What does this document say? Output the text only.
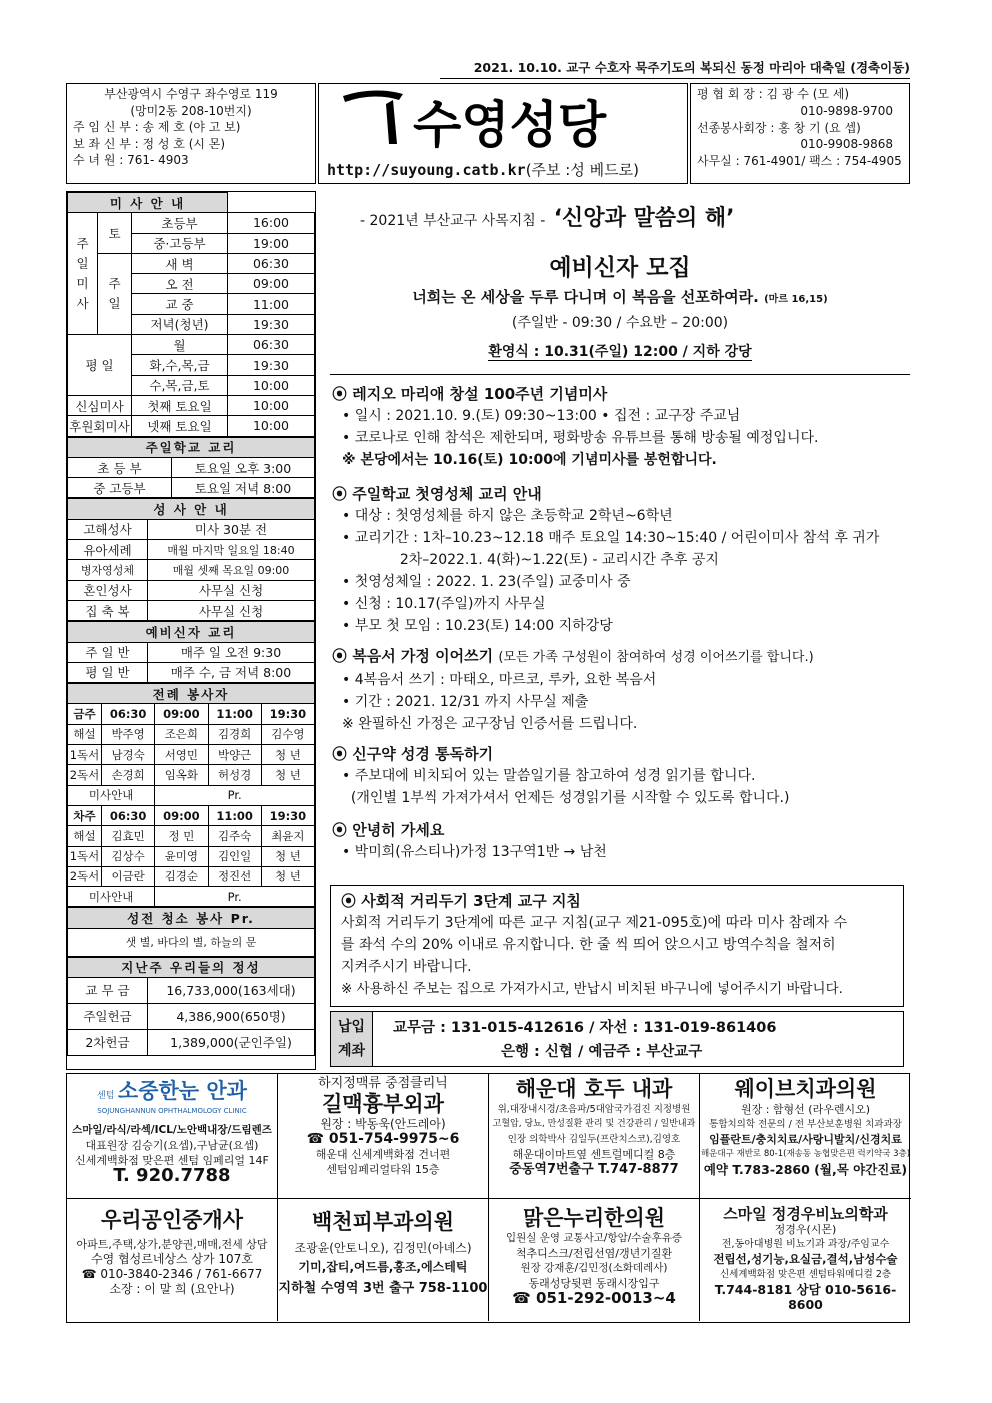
2021. 10.10. 교구 수호자 묵주기도의 복되신 동정 마리아 대축일 (경축이동)
부산광역시 수영구 좌수영로 119
(망미2동 208-10번지)
주 임 신 부 : 송 제 호 (야 고 보)
보 좌 신 부 : 정 성 호 (시 몬)
수 녀 원 : 761- 4903
수영성당
http://suyoung.catb.kr(주보 :성 베드로)
평 협 회 장 : 김 광 수 (모 세)
010-9898-9700
선종봉사회장 : 홍 창 기 (요 셉)
010-9908-9868
사무실 : 761-4901/ 팩스 : 754-4905
미 사 안 내			
주
일
미
사	토	초등부	16:00
		중·고등부	19:00
	주
일	새 벽	06:30
		오 전	09:00
		교 중	11:00
		저녁(청년)	19:30
평 일		월	06:30
		화,수,목,금	19:30
		수,목,금,토	10:00
신심미사		첫째 토요일	10:00
후원회미사		넷째 토요일	10:00
주일학교 교리	
초 등 부	토요일 오후 3:00
중 고등부	토요일 저녁 8:00
성 사 안 내	
고해성사	미사 30분 전
유아세례	매월 마지막 일요일 18:40
병자영성체	매월 셋째 목요일 09:00
혼인성사	사무실 신청
집 축 복	사무실 신청
예비신자 교리	
주 일 반	매주 일 오전 9:30
평 일 반	매주 수, 금 저녁 8:00
전례 봉사자				
금주	06:30	09:00	11:00	19:30
해설	박주영	조은희	김경희	김수영
1독서	남경숙	서영민	박양근	청 년
2독서	손경희	임옥화	허성경	청 년
미사안내		Pr.		
차주	06:30	09:00	11:00	19:30
해설	김효민	정 민	김주숙	최윤지
1독서	김상수	윤미영	김인일	청 년
2독서	이금란	김경순	정진선	청 년
미사안내		Pr.		
성전 청소 봉사 Pr.
샛 별, 바다의 별, 하늘의 문
지난주 우리들의 정성	
교 무 금	16,733,000(163세대)
주일헌금	4,386,900(650명)
2차헌금	1,389,000(군인주일)
- 2021년 부산교구 사목지침 - ‘신앙과 말씀의 해’
예비신자 모집
너희는 온 세상을 두루 다니며 이 복음을 선포하여라. (마르 16,15)
(주일반 - 09:30 / 수요반 – 20:00)
환영식 : 10.31(주일) 12:00 / 지하 강당
⦿ 레지오 마리애 창설 100주년 기념미사
• 일시 : 2021.10. 9.(토) 09:30~13:00 • 집전 : 교구장 주교님
• 코로나로 인해 참석은 제한되며, 평화방송 유튜브를 통해 방송될 예정입니다.
※ 본당에서는 10.16(토) 10:00에 기념미사를 봉헌합니다.
⦿ 주일학교 첫영성체 교리 안내
• 대상 : 첫영성체를 하지 않은 초등학교 2학년~6학년
• 교리기간 : 1차–10.23~12.18 매주 토요일 14:30~15:40 / 어린이미사 참석 후 귀가
2차–2022.1. 4(화)~1.22(토) - 교리시간 추후 공지
• 첫영성체일 : 2022. 1. 23(주일) 교중미사 중
• 신청 : 10.17(주일)까지 사무실
• 부모 첫 모임 : 10.23(토) 14:00 지하강당
⦿ 복음서 가정 이어쓰기 (모든 가족 구성원이 참여하여 성경 이어쓰기를 합니다.)
• 4복음서 쓰기 : 마태오, 마르코, 루카, 요한 복음서
• 기간 : 2021. 12/31 까지 사무실 제출
※ 완필하신 가정은 교구장님 인증서를 드립니다.
⦿ 신구약 성경 통독하기
• 주보대에 비치되어 있는 말씀일기를 참고하여 성경 읽기를 합니다.
(개인별 1부씩 가져가셔서 언제든 성경읽기를 시작할 수 있도록 합니다.)
⦿ 안녕히 가세요
• 박미희(유스티나)가정 13구역1반 → 남천
⦿ 사회적 거리두기 3단계 교구 지침
사회적 거리두기 3단계에 따른 교구 지침(교구 제21-095호)에 따라 미사 참례자 수
를 좌석 수의 20% 이내로 유지합니다. 한 줄 씩 띄어 앉으시고 방역수칙을 철저히
지켜주시기 바랍니다.
※ 사용하신 주보는 집으로 가져가시고, 반납시 비치된 바구니에 넣어주시기 바랍니다.
납입
계좌
교무금 : 131-015-412616 / 자선 : 131-019-861406
은행 : 신협 / 예금주 : 부산교구
센텀 소중한눈 안과
SOJUNGHANNUN OPHTHALMOLOGY CLINIC
스마일/라식/라섹/ICL/노안백내장/드림렌즈
대표원장 김승기(요셉),구남균(요셉)
신세계백화점 맞은편 센텀 임페리얼 14F
T. 920.7788
하지정맥류 중점클리닉
길맥흉부외과
원장 : 박동욱(안드레아)
☎ 051-754-9975~6
해운대 신세계백화점 건너편
센텀임페리얼타워 15층
해운대 호두 내과
위,대장내시경/초음파/5대암국가검진 지정병원
고혈압, 당뇨, 만성질환 관리 및 건강관리 / 일반내과
인장 의학박사 김일두(프란치스코),김영호
해운대이마트옆 센트럴메디컬 8층
중동역7번출구 T.747-8877
웨이브치과의원
원장 : 함형선 (라우렌시오)
통합치의학 전문의 / 전 부산보훈병원 치과과장
임플란트/충치치료/사랑니발치/신경치료
해운대구 재반로 80-1(재송동 농협맞은편 럭키약국 3층)
예약 T.783-2860 (월,목 야간진료)
우리공인중개사
아파트,주택,상가,분양권,매매,전세 상담
수영 협성르네상스 상가 107호
☎ 010-3840-2346 / 761-6677
소장 : 이 말 희 (요안나)
백천피부과의원
조광윤(안토니오), 김정민(아녜스)
기미,잡티,여드름,홍조,에스테틱
지하철 수영역 3번 출구 758-1100
맑은누리한의원
입원실 운영 교통사고/항암/수술후유증
척추디스크/전립선염/갱년기질환
원장 강재훈/김민정(소화데레사)
동래성당뒷편 동래시장입구
☎ 051-292-0013~4
스마일 정경우비뇨의학과
정경우(시몬)
전,동아대병원 비뇨기과 과장/주임교수
전립선,성기능,요실금,결석,남성수술
신세계백화점 맞은편 센텀타워메디컬 2층
T.744-8181 상담 010-5616-8600
